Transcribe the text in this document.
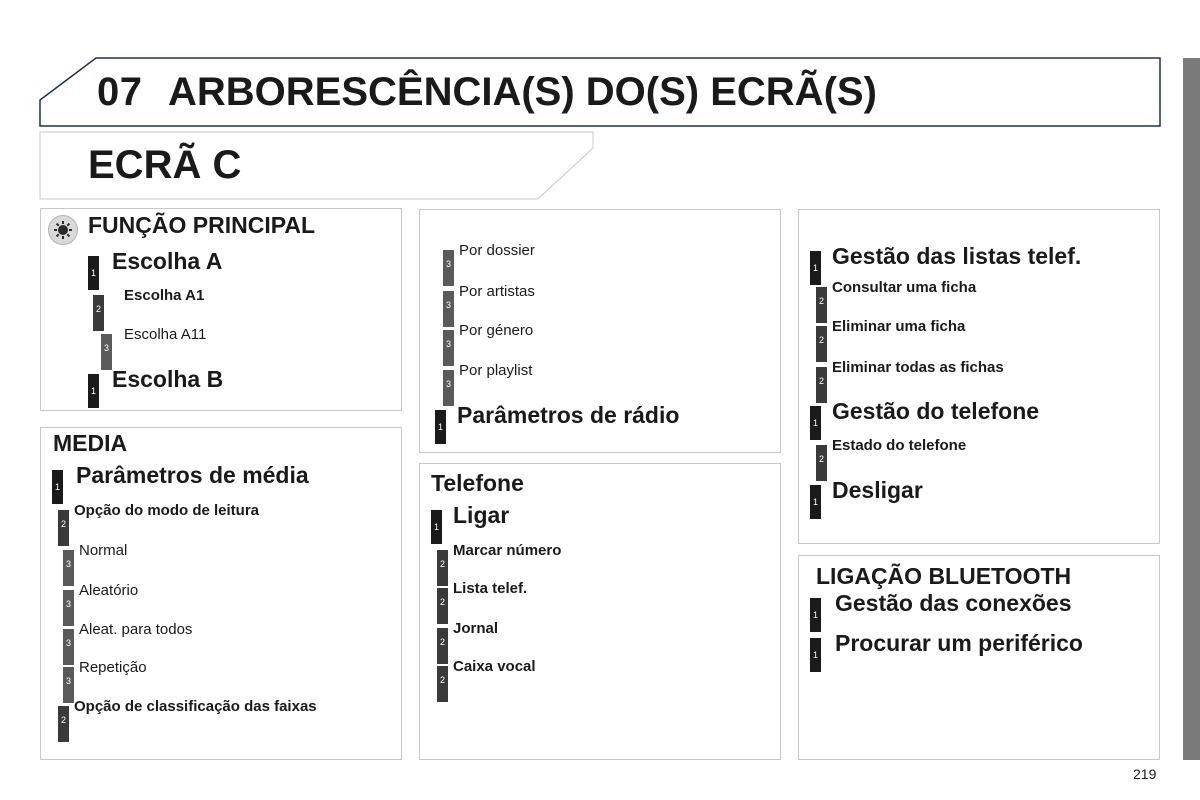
07 ARBORESCÊNCIA(S) DO(S) ECRÃ(S)
ECRÃ C
FUNÇÃO PRINCIPAL
1 Escolha A
2
Escolha A1
3
Escolha A11
1 Escolha B
MEDIA
1 Parâmetros de média
2
Opção do modo de leitura
3
Normal
3
Aleatório
3
Aleat. para todos
3
Repetição
2
Opção de classificação das faixas
3
Por dossier
3
Por artistas
3
Por género
3
Por playlist
1 Parâmetros de rádio
Telefone
1 Ligar
2
Marcar número
2
Lista telef.
2
Jornal
2
Caixa vocal
1 Gestão das listas telef.
2
Consultar uma ficha
2
Eliminar uma ficha
2
Eliminar todas as fichas
1 Gestão do telefone
2
Estado do telefone
1 Desligar
LIGAÇÃO BLUETOOTH
1 Gestão das conexões
1 Procurar um periférico
219
